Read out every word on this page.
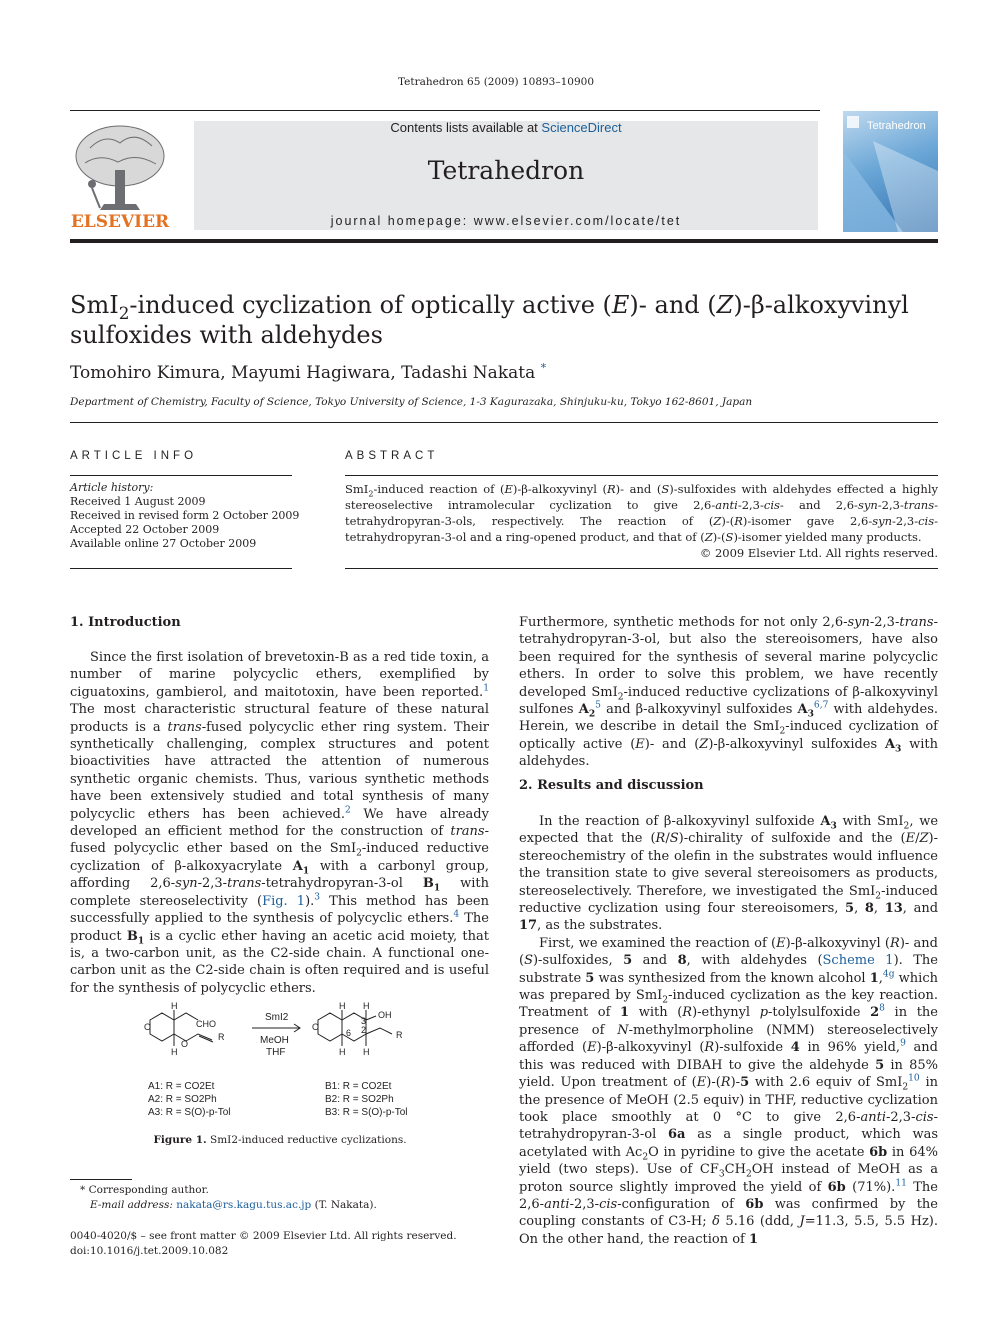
Tetrahedron 65 (2009) 10893–10900
ELSEVIER
Contents lists available at ScienceDirect
Tetrahedron
journal homepage: www.elsevier.com/locate/tet
Tetrahedron
SmI$_2$-induced cyclization of optically active (E)- and (Z)-β-alkoxyvinyl
sulfoxides with aldehydes
Tomohiro Kimura, Mayumi Hagiwara, Tadashi Nakata *
Department of Chemistry, Faculty of Science, Tokyo University of Science, 1-3 Kagurazaka, Shinjuku-ku, Tokyo 162-8601, Japan
ARTICLE INFO
Article history:
Received 1 August 2009
Received in revised form 2 October 2009
Accepted 22 October 2009
Available online 27 October 2009
ABSTRACT
SmI$_2$-induced reaction of (E)-β-alkoxyvinyl (R)- and (S)-sulfoxides with aldehydes effected a highly stereoselective intramolecular cyclization to give 2,6-anti-2,3-cis- and 2,6-syn-2,3-trans-tetrahydropyran-3-ols, respectively. The reaction of (Z)-(R)-isomer gave 2,6-syn-2,3-cis-tetrahydropyran-3-ol and a ring-opened product, and that of (Z)-(S)-isomer yielded many products.
© 2009 Elsevier Ltd. All rights reserved.
1. Introduction

Since the first isolation of brevetoxin-B as a red tide toxin, a number of marine polycyclic ethers, exemplified by ciguatoxins, gambierol, and maitotoxin, have been reported.$^1$ The most characteristic structural feature of these natural products is a trans-fused polycyclic ether ring system. Their synthetically challenging, complex structures and potent bioactivities have attracted the attention of numerous synthetic organic chemists. Thus, various synthetic methods have been extensively studied and total synthesis of many polycyclic ethers has been achieved.$^2$ We have already developed an efficient method for the construction of trans-fused polycyclic ether based on the SmI$_2$-induced reductive cyclization of β-alkoxyacrylate $A_1$ with a carbonyl group, affording 2,6-syn-2,3-trans-tetrahydropyran-3-ol $B_1$ with complete stereoselectivity (Fig. 1).$^3$ This method has been successfully applied to the synthesis of polycyclic ethers.$^4$ The product $B_1$ is a cyclic ether having an acetic acid moiety, that is, a two-carbon unit, as the C2-side chain. A functional one-carbon unit as the C2-side chain is often required and is useful for the synthesis of polycyclic ethers.

O
H
CHO
O
R
H
O
H H
OH
6
3
2	R
H H
SmI2
MeOH
THF
A1: R = CO2Et
A2: R = SO2Ph
A3: R = S(O)-p-Tol
B1: R = CO2Et
B2: R = SO2Ph
B3: R = S(O)-p-Tol
Figure 1. SmI2-induced reductive cyclizations.
* Corresponding author.
E-mail address: nakata@rs.kagu.tus.ac.jp (T. Nakata).
0040-4020/$ – see front matter © 2009 Elsevier Ltd. All rights reserved.
doi:10.1016/j.tet.2009.10.082

Furthermore, synthetic methods for not only 2,6-syn-2,3-trans-tetrahydropyran-3-ol, but also the stereoisomers, have also been required for the synthesis of several marine polycyclic ethers. In order to solve this problem, we have recently developed SmI$_2$-induced reductive cyclizations of β-alkoxyvinyl sulfones $A_2^5$ and β-alkoxyvinyl sulfoxides $A_3^{6,7}$ with aldehydes. Herein, we describe in detail the SmI$_2$-induced cyclization of optically active (E)- and (Z)-β-alkoxyvinyl sulfoxides $A_3$ with aldehydes.

2. Results and discussion

In the reaction of β-alkoxyvinyl sulfoxide $A_3$ with SmI$_2$, we expected that the (R/S)-chirality of sulfoxide and the (E/Z)-stereochemistry of the olefin in the substrates would influence the transition state to give several stereoisomers as products, stereoselectively. Therefore, we investigated the SmI$_2$-induced reductive cyclization using four stereoisomers, 5, 8, 13, and 17, as the substrates.

First, we examined the reaction of (E)-β-alkoxyvinyl (R)- and (S)-sulfoxides, 5 and 8, with aldehydes (Scheme 1). The substrate 5 was synthesized from the known alcohol 1,$^{4g}$ which was prepared by SmI$_2$-induced cyclization as the key reaction. Treatment of 1 with (R)-ethynyl p-tolylsulfoxide $2^8$ in the presence of N-methylmorpholine (NMM) stereoselectively afforded (E)-β-alkoxyvinyl (R)-sulfoxide 4 in 96% yield,$^9$ and this was reduced with DIBAH to give the aldehyde 5 in 85% yield. Upon treatment of (E)-(R)-5 with 2.6 equiv of SmI$_2^{10}$ in the presence of MeOH (2.5 equiv) in THF, reductive cyclization took place smoothly at 0 °C to give 2,6-anti-2,3-cis-tetrahydropyran-3-ol 6a as a single product, which was acetylated with $Ac_2O$ in pyridine to give the acetate 6b in 64% yield (two steps). Use of $CF_3CH_2OH$ instead of MeOH as a proton source slightly improved the yield of 6b (71%).$^{11}$ The 2,6-anti-2,3-cis-configuration of 6b was confirmed by the coupling constants of C3-H; δ 5.16 (ddd, J=11.3, 5.5, 5.5 Hz). On the other hand, the reaction of 1
